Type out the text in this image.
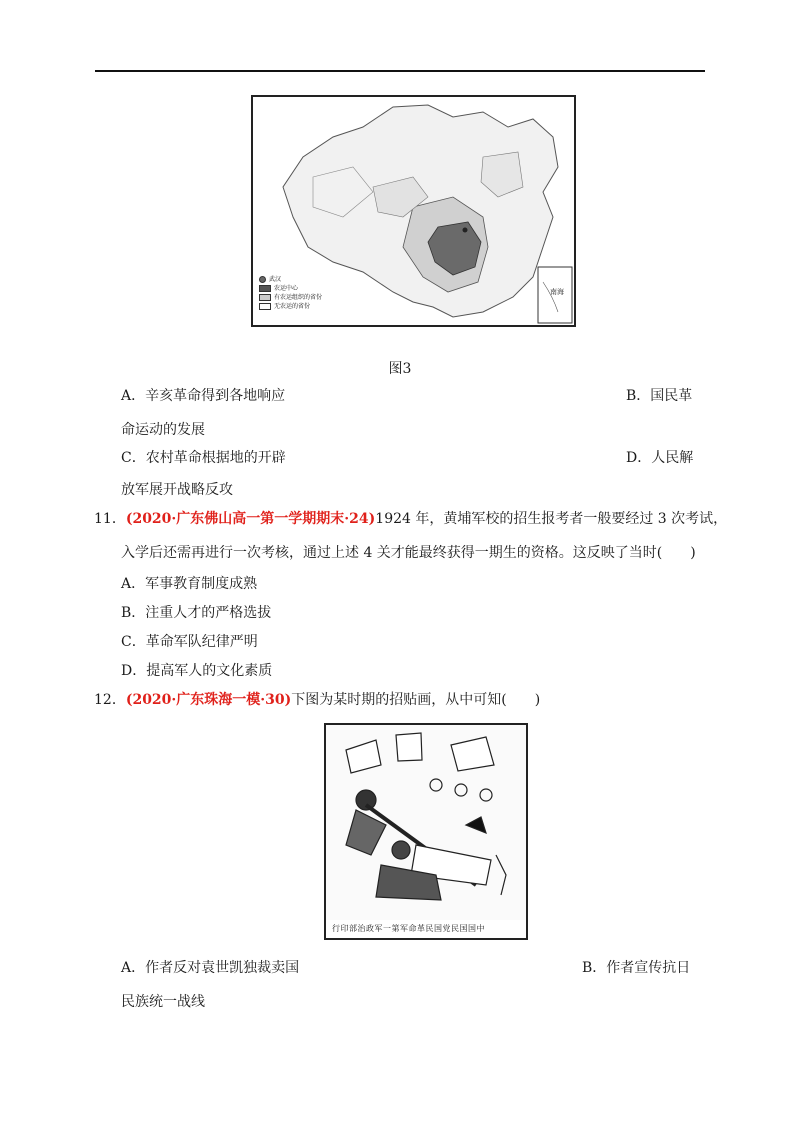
武汉
农运中心
有农运组织的省份
无农运的省份
南海
图3
A．辛亥革命得到各地响应	B．国民革
命运动的发展
C．农村革命根据地的开辟	D．人民解
放军展开战略反攻
11．(2020·广东佛山高一第一学期期末·24)1924 年，黄埔军校的招生报考者一般要经过 3 次考试，
入学后还需再进行一次考核，通过上述 4 关才能最终获得一期生的资格。这反映了当时(　　)
A．军事教育制度成熟
B．注重人才的严格选拔
C．革命军队纪律严明
D．提高军人的文化素质
12．(2020·广东珠海一模·30)下图为某时期的招贴画，从中可知(　　)
行印部治政军一第军命革民国党民国国中
A．作者反对袁世凯独裁卖国	B．作者宣传抗日
民族统一战线
